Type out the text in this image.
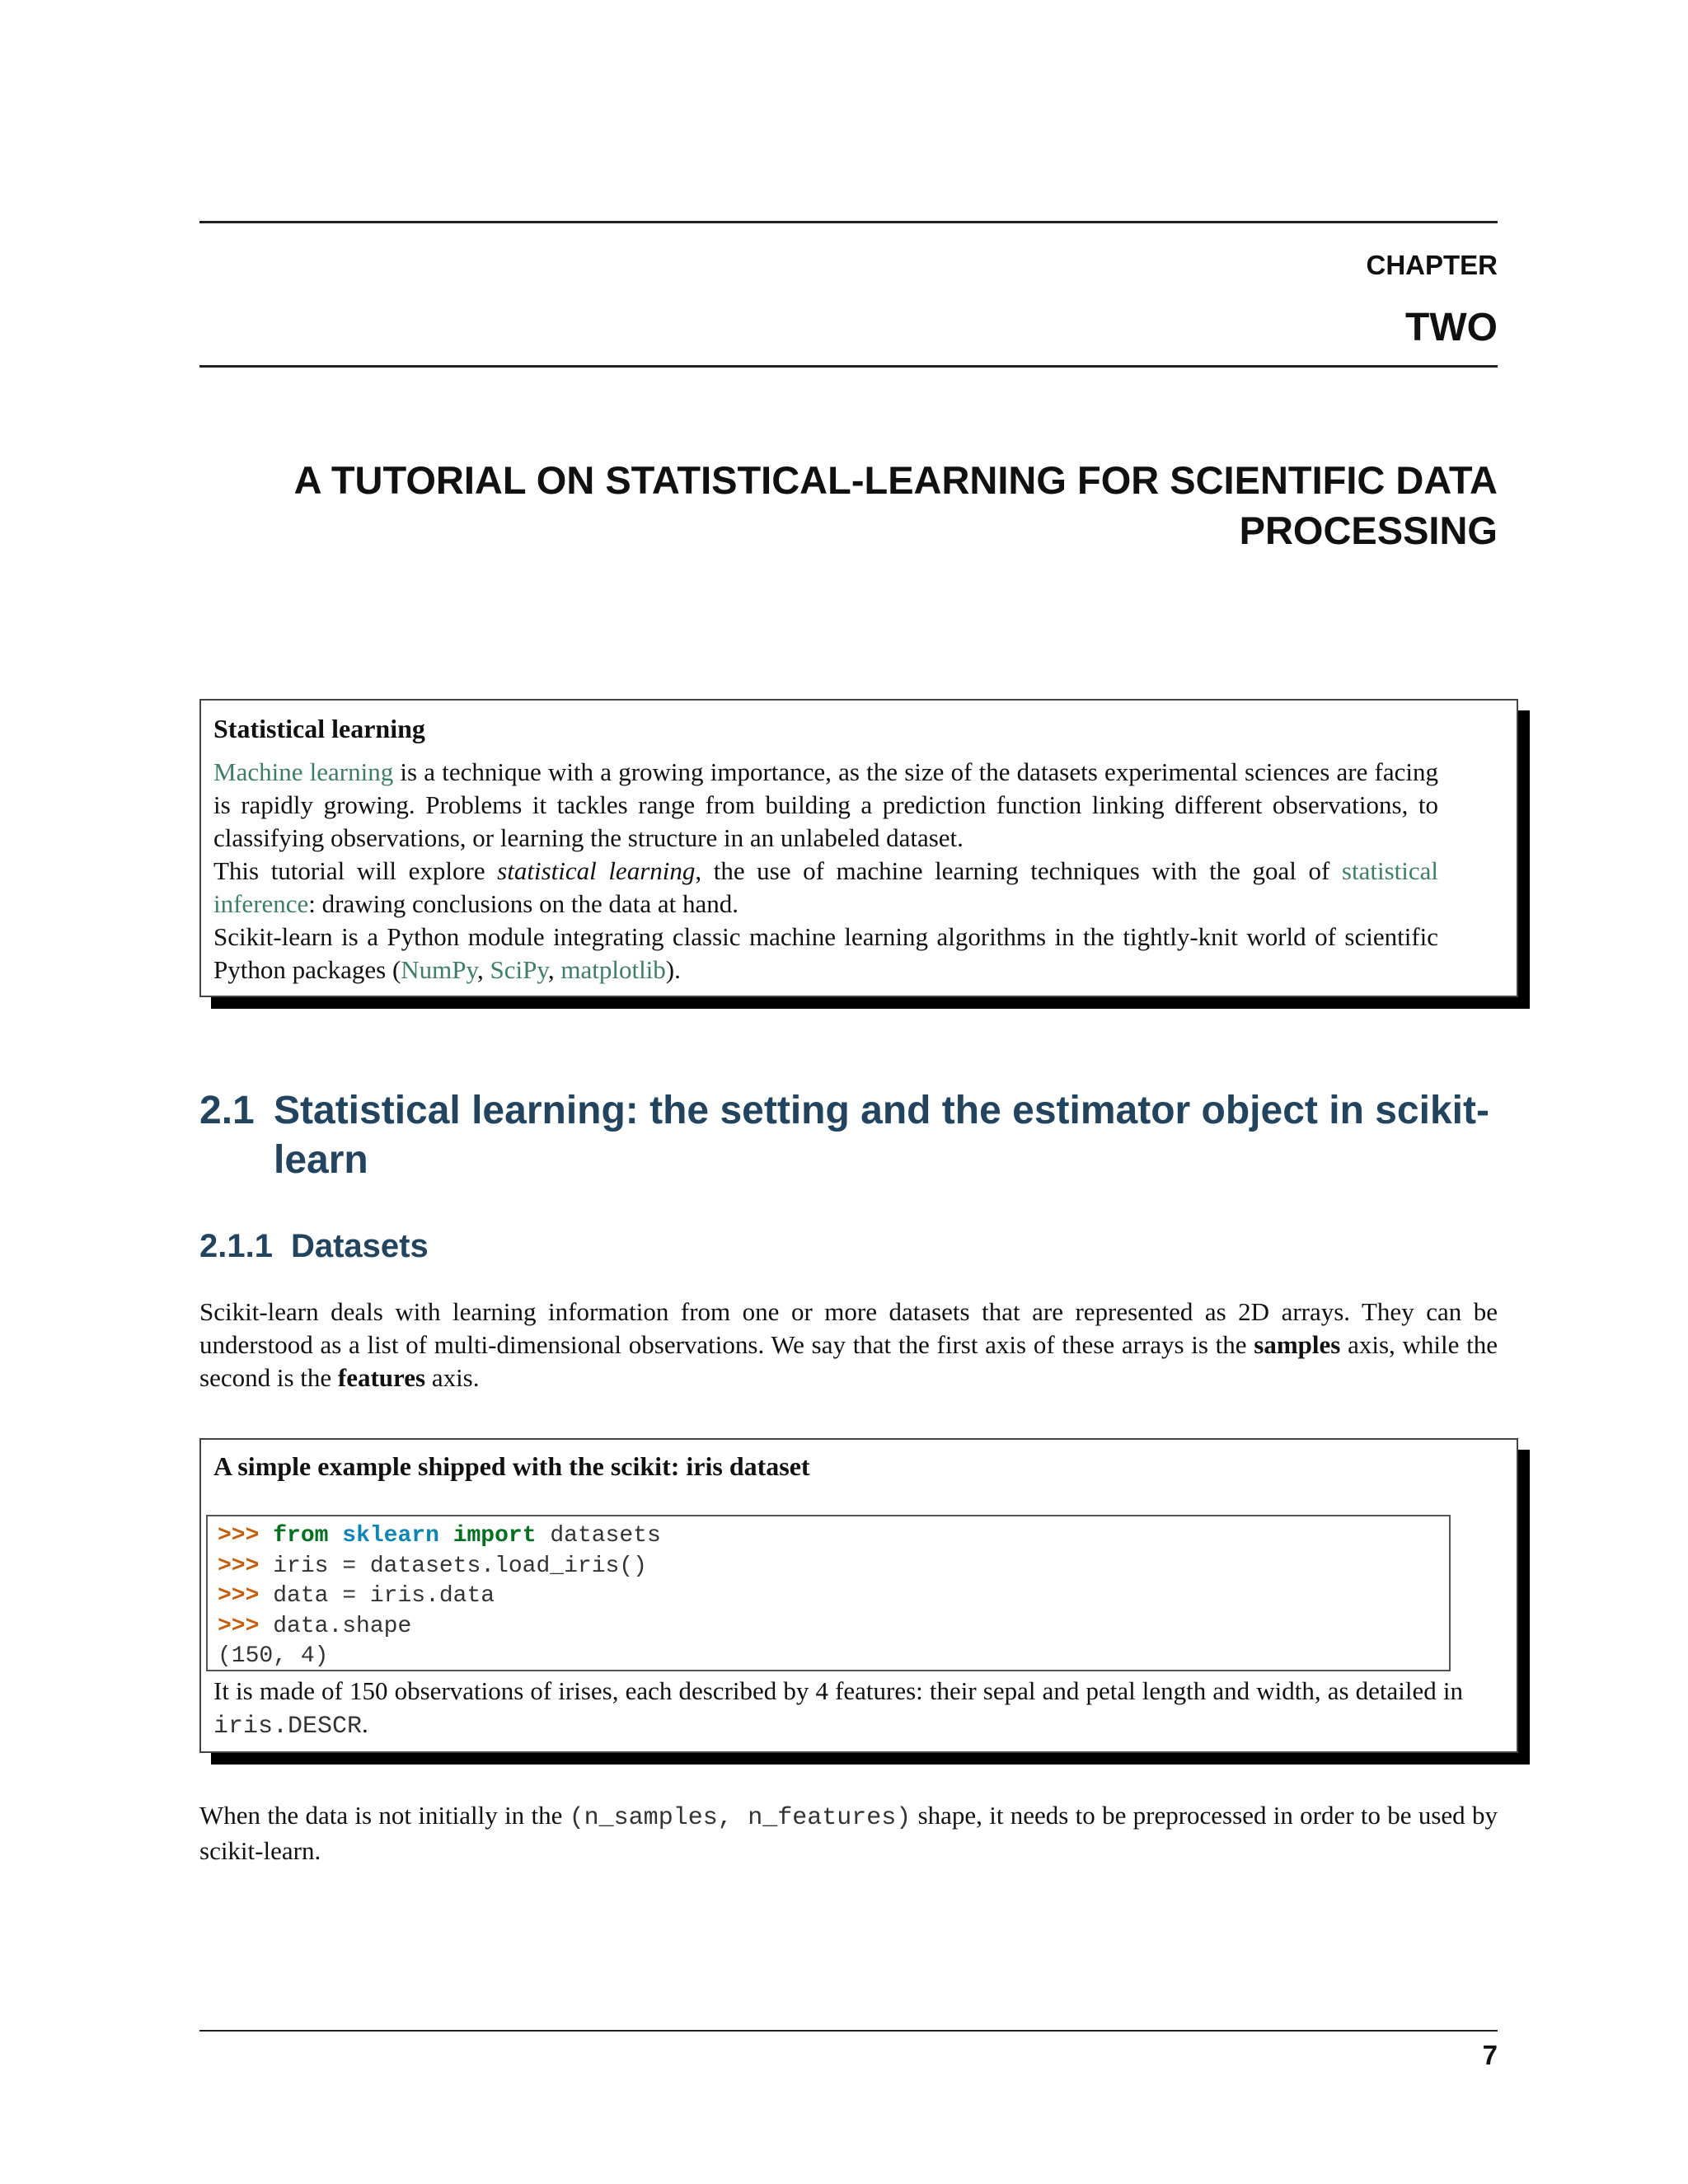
CHAPTER
TWO
A TUTORIAL ON STATISTICAL-LEARNING FOR SCIENTIFIC DATA
PROCESSING
Statistical learning

Machine learning is a technique with a growing importance, as the size of the datasets experimental sciences are facing is rapidly growing. Problems it tackles range from building a prediction function linking different observations, to classifying observations, or learning the structure in an unlabeled dataset.

This tutorial will explore statistical learning, the use of machine learning techniques with the goal of statistical inference: drawing conclusions on the data at hand.

Scikit-learn is a Python module integrating classic machine learning algorithms in the tightly-knit world of scientific Python packages (NumPy, SciPy, matplotlib).

2.1 Statistical learning: the setting and the estimator object in scikit-learn
2.1.1 Datasets

Scikit-learn deals with learning information from one or more datasets that are represented as 2D arrays. They can be understood as a list of multi-dimensional observations. We say that the first axis of these arrays is the samples axis, while the second is the features axis.

A simple example shipped with the scikit: iris dataset

It is made of 150 observations of irises, each described by 4 features: their sepal and petal length and width, as detailed in iris.DESCR.

>>> from sklearn import datasets
>>> iris = datasets.load_iris()
>>> data = iris.data
>>> data.shape
(150, 4)

When the data is not initially in the (n_samples, n_features) shape, it needs to be preprocessed in order to be used by scikit-learn.

7
